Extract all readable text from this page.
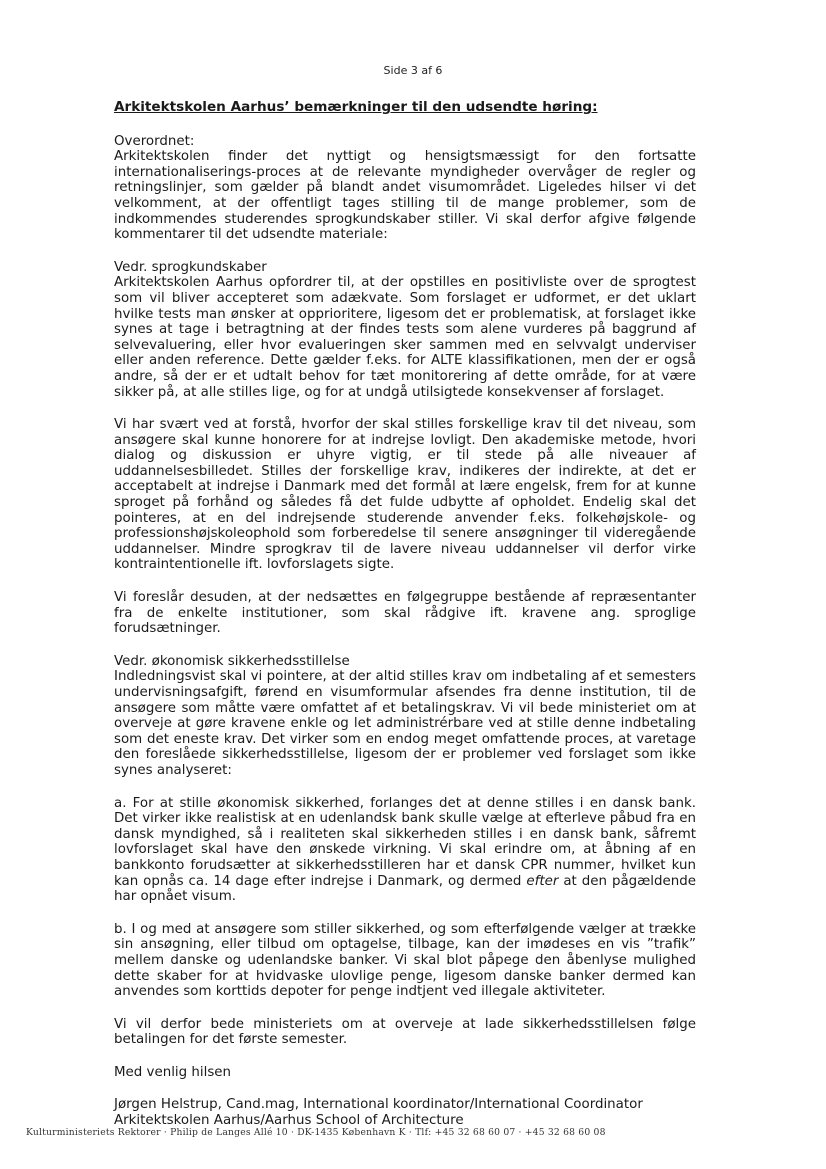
Side 3 af 6

Arkitektskolen Aarhus’ bemærkninger til den udsendte høring:

Overordnet:

Arkitektskolen finder det nyttigt og hensigtsmæssigt for den fortsatte internationaliserings-proces at de relevante myndigheder overvåger de regler og retningslinjer, som gælder på blandt andet visumområdet. Ligeledes hilser vi det velkomment, at der offentligt tages stilling til de mange problemer, som de indkommendes studerendes sprogkundskaber stiller. Vi skal derfor afgive følgende kommentarer til det udsendte materiale:

Vedr. sprogkundskaber

Arkitektskolen Aarhus opfordrer til, at der opstilles en positivliste over de sprogtest som vil bliver accepteret som adækvate. Som forslaget er udformet, er det uklart hvilke tests man ønsker at opprioritere, ligesom det er problematisk, at forslaget ikke synes at tage i betragtning at der findes tests som alene vurderes på baggrund af selvevaluering, eller hvor evalueringen sker sammen med en selvvalgt underviser eller anden reference. Dette gælder f.eks. for ALTE klassifikationen, men der er også andre, så der er et udtalt behov for tæt monitorering af dette område, for at være sikker på, at alle stilles lige, og for at undgå utilsigtede konsekvenser af forslaget.

Vi har svært ved at forstå, hvorfor der skal stilles forskellige krav til det niveau, som ansøgere skal kunne honorere for at indrejse lovligt. Den akademiske metode, hvori dialog og diskussion er uhyre vigtig, er til stede på alle niveauer af uddannelsesbilledet. Stilles der forskellige krav, indikeres der indirekte, at det er acceptabelt at indrejse i Danmark med det formål at lære engelsk, frem for at kunne sproget på forhånd og således få det fulde udbytte af opholdet. Endelig skal det pointeres, at en del indrejsende studerende anvender f.eks. folkehøjskole- og professionshøjskoleophold som forberedelse til senere ansøgninger til videregående uddannelser. Mindre sprogkrav til de lavere niveau uddannelser vil derfor virke kontraintentionelle ift. lovforslagets sigte.

Vi foreslår desuden, at der nedsættes en følgegruppe bestående af repræsentanter fra de enkelte institutioner, som skal rådgive ift. kravene ang. sproglige forudsætninger.

Vedr. økonomisk sikkerhedsstillelse

Indledningsvist skal vi pointere, at der altid stilles krav om indbetaling af et semesters undervisningsafgift, førend en visumformular afsendes fra denne institution, til de ansøgere som måtte være omfattet af et betalingskrav. Vi vil bede ministeriet om at overveje at gøre kravene enkle og let administrérbare ved at stille denne indbetaling som det eneste krav. Det virker som en endog meget omfattende proces, at varetage den foreslåede sikkerhedsstillelse, ligesom der er problemer ved forslaget som ikke synes analyseret:

a. For at stille økonomisk sikkerhed, forlanges det at denne stilles i en dansk bank. Det virker ikke realistisk at en udenlandsk bank skulle vælge at efterleve påbud fra en dansk myndighed, så i realiteten skal sikkerheden stilles i en dansk bank, såfremt lovforslaget skal have den ønskede virkning. Vi skal erindre om, at åbning af en bankkonto forudsætter at sikkerhedsstilleren har et dansk CPR nummer, hvilket kun kan opnås ca. 14 dage efter indrejse i Danmark, og dermed efter at den pågældende har opnået visum.

b. I og med at ansøgere som stiller sikkerhed, og som efterfølgende vælger at trække sin ansøgning, eller tilbud om optagelse, tilbage, kan der imødeses en vis ”trafik” mellem danske og udenlandske banker. Vi skal blot påpege den åbenlyse mulighed dette skaber for at hvidvaske ulovlige penge, ligesom danske banker dermed kan anvendes som korttids depoter for penge indtjent ved illegale aktiviteter.

Vi vil derfor bede ministeriets om at overveje at lade sikkerhedsstillelsen følge betalingen for det første semester.

Med venlig hilsen

Jørgen Helstrup, Cand.mag, International koordinator/International Coordinator

Arkitektskolen Aarhus/Aarhus School of Architecture

Kulturministeriets Rektorer · Philip de Langes Allé 10 · DK-1435 København K · Tlf: +45 32 68 60 07 · +45 32 68 60 08
